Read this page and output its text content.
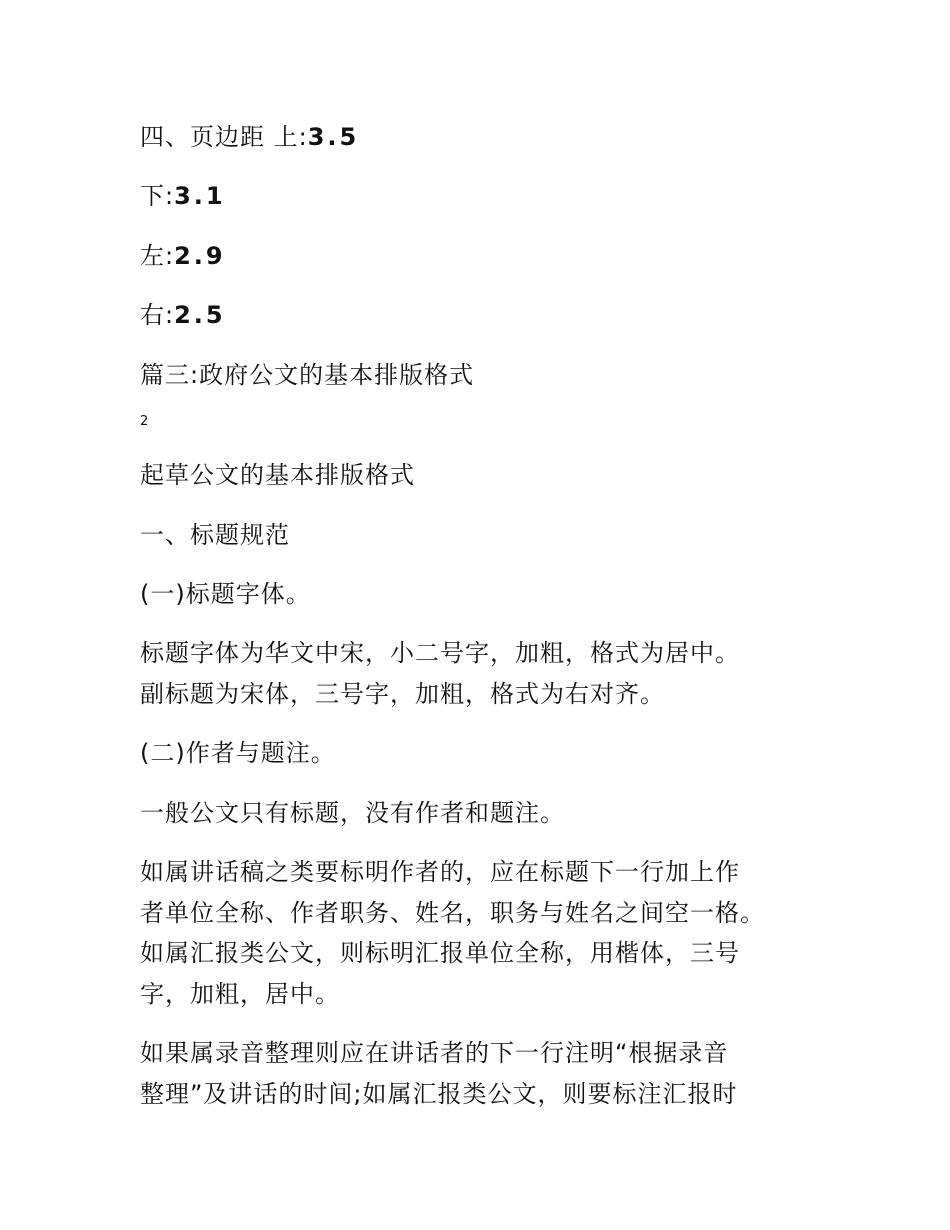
四、页边距 上:3.5
下:3.1
左:2.9
右:2.5
篇三:政府公文的基本排版格式
2
起草公文的基本排版格式
一、标题规范
(一)标题字体。
标题字体为华文中宋，小二号字，加粗，格式为居中。
副标题为宋体，三号字，加粗，格式为右对齐。
(二)作者与题注。
一般公文只有标题，没有作者和题注。
如属讲话稿之类要标明作者的，应在标题下一行加上作
者单位全称、作者职务、姓名，职务与姓名之间空一格。
如属汇报类公文，则标明汇报单位全称，用楷体，三号
字，加粗，居中。
如果属录音整理则应在讲话者的下一行注明“根据录音
整理”及讲话的时间;如属汇报类公文，则要标注汇报时
